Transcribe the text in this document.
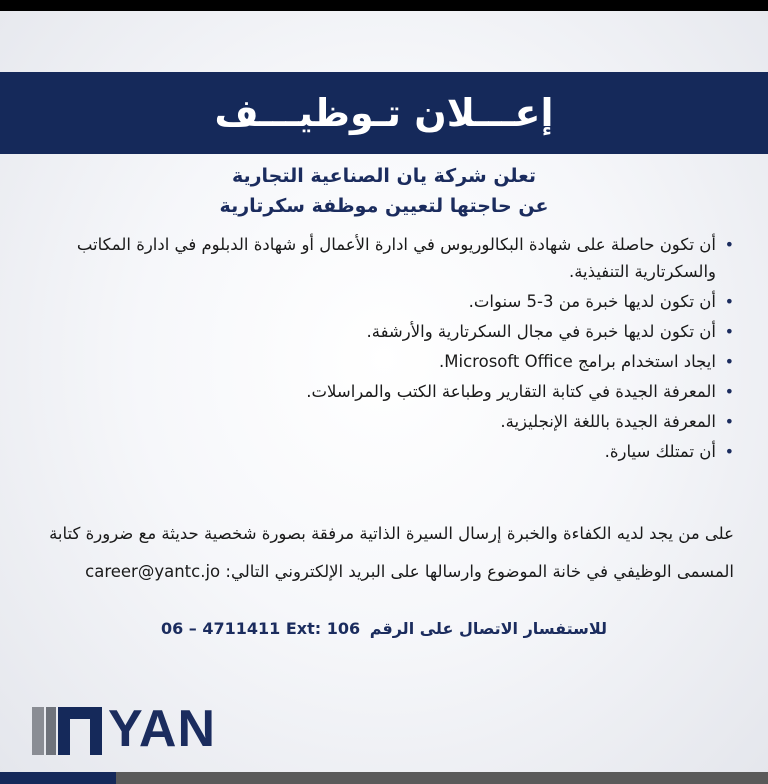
إعـــلان تـوظيـــف
تعلن شركة يان الصناعية التجارية
عن حاجتها لتعيين موظفة سكرتارية
•
أن تكون حاصلة على شهادة البكالوريوس في ادارة الأعمال أو شهادة الدبلوم في ادارة المكاتب والسكرتارية التنفيذية.
•
أن تكون لديها خبرة من 3-5 سنوات.
•
أن تكون لديها خبرة في مجال السكرتارية والأرشفة.
•
ايجاد استخدام برامج Microsoft Office.
•
المعرفة الجيدة في كتابة التقارير وطباعة الكتب والمراسلات.
•
المعرفة الجيدة باللغة الإنجليزية.
•
أن تمتلك سيارة.
على من يجد لديه الكفاءة والخبرة إرسال السيرة الذاتية مرفقة بصورة شخصية حديثة مع ضرورة كتابة المسمى الوظيفي في خانة الموضوع وارسالها على البريد الإلكتروني التالي: career@yantc.jo
للاستفسار الاتصال على الرقم 06 – 4711411 Ext: 106
YAN
